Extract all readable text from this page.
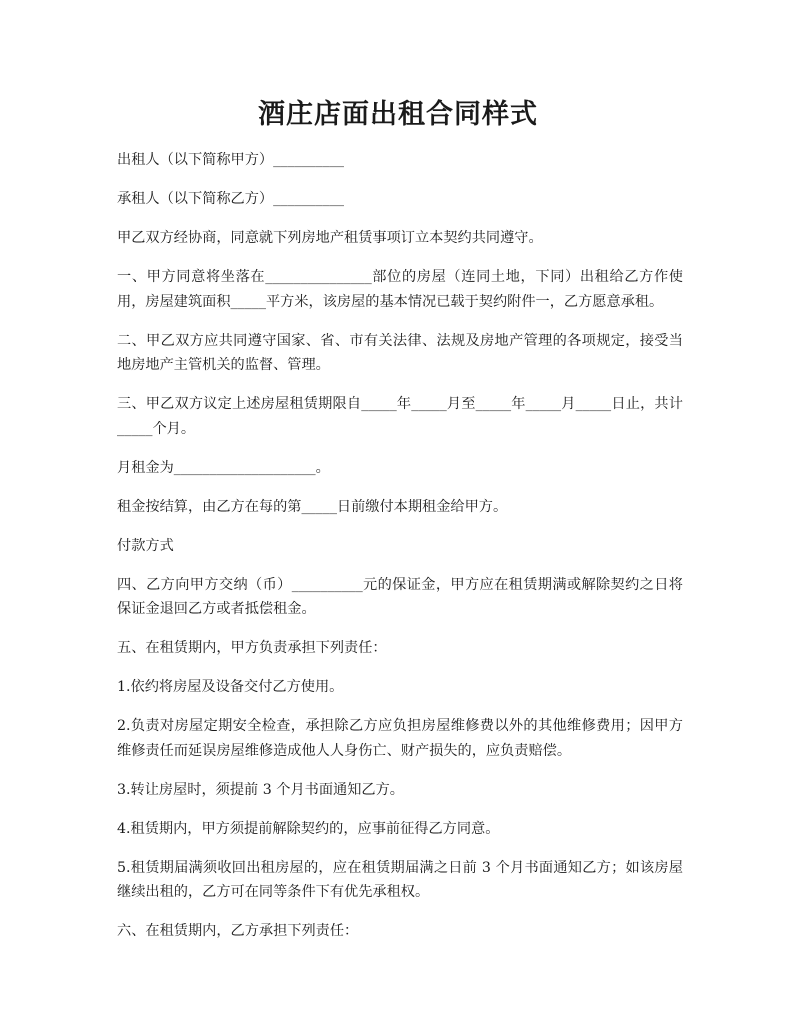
酒庄店面出租合同样式

出租人（以下简称甲方）__________

承租人（以下简称乙方）__________

甲乙双方经协商，同意就下列房地产租赁事项订立本契约共同遵守。

一、甲方同意将坐落在_______________部位的房屋（连同土地，下同）出租给乙方作使用，房屋建筑面积_____平方米，该房屋的基本情况已载于契约附件一，乙方愿意承租。

二、甲乙双方应共同遵守国家、省、市有关法律、法规及房地产管理的各项规定，接受当地房地产主管机关的监督、管理。

三、甲乙双方议定上述房屋租赁期限自_____年_____月至_____年_____月_____日止，共计_____个月。

月租金为____________________。

租金按结算，由乙方在每的第_____日前缴付本期租金给甲方。

付款方式

四、乙方向甲方交纳（币）__________元的保证金，甲方应在租赁期满或解除契约之日将保证金退回乙方或者抵偿租金。

五、在租赁期内，甲方负责承担下列责任：

1.依约将房屋及设备交付乙方使用。

2.负责对房屋定期安全检查，承担除乙方应负担房屋维修费以外的其他维修费用；因甲方维修责任而延误房屋维修造成他人人身伤亡、财产损失的，应负责赔偿。

3.转让房屋时，须提前 3 个月书面通知乙方。

4.租赁期内，甲方须提前解除契约的，应事前征得乙方同意。

5.租赁期届满须收回出租房屋的，应在租赁期届满之日前 3 个月书面通知乙方；如该房屋继续出租的，乙方可在同等条件下有优先承租权。

六、在租赁期内，乙方承担下列责任：
